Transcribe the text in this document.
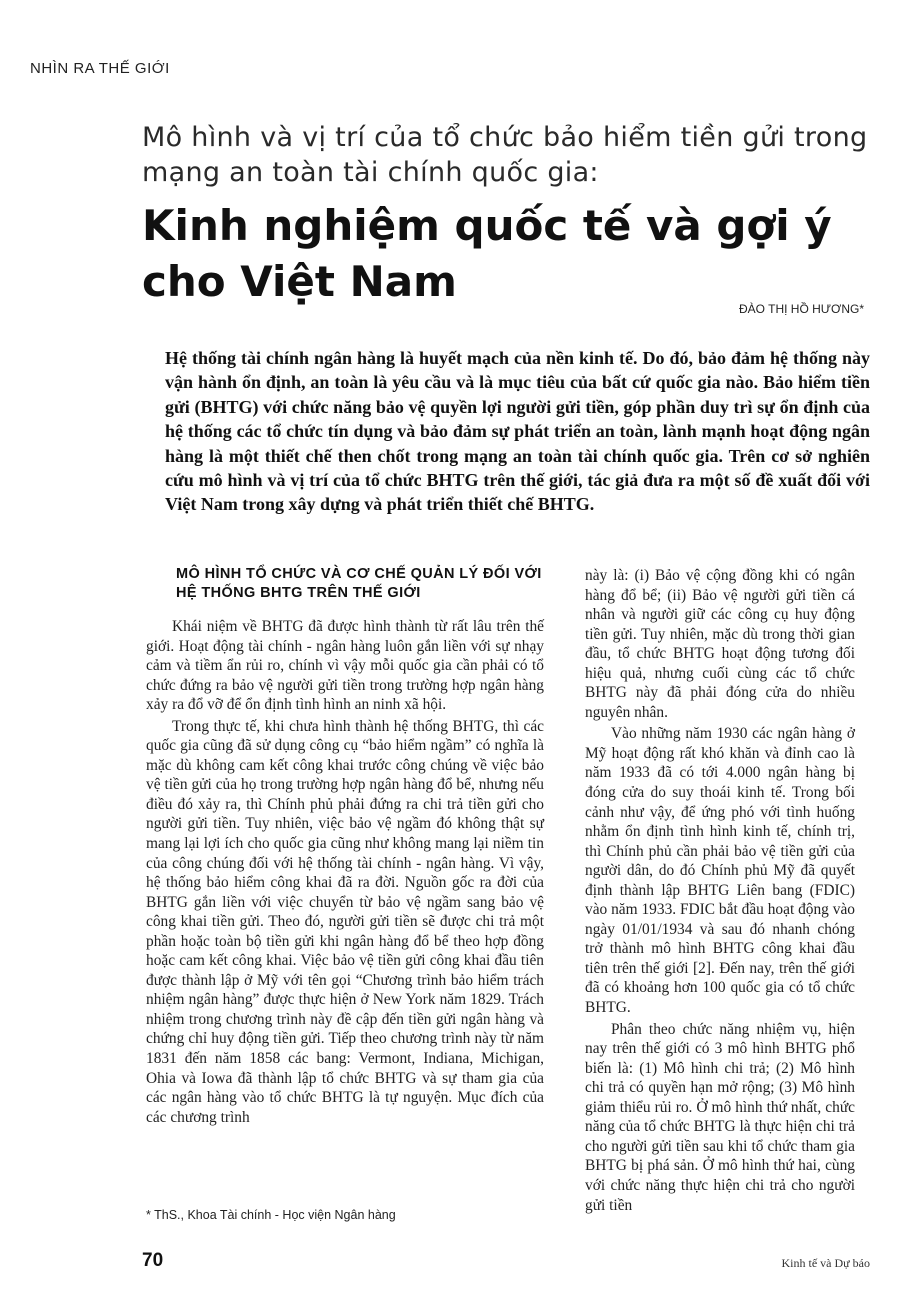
NHÌN RA THẾ GIỚI
Mô hình và vị trí của tổ chức bảo hiểm tiền gửi trong mạng an toàn tài chính quốc gia:
Kinh nghiệm quốc tế và gợi ý cho Việt Nam
ĐÀO THỊ HỒ HƯƠNG*
Hệ thống tài chính ngân hàng là huyết mạch của nền kinh tế. Do đó, bảo đảm hệ thống này vận hành ổn định, an toàn là yêu cầu và là mục tiêu của bất cứ quốc gia nào. Bảo hiểm tiền gửi (BHTG) với chức năng bảo vệ quyền lợi người gửi tiền, góp phần duy trì sự ổn định của hệ thống các tổ chức tín dụng và bảo đảm sự phát triển an toàn, lành mạnh hoạt động ngân hàng là một thiết chế then chốt trong mạng an toàn tài chính quốc gia. Trên cơ sở nghiên cứu mô hình và vị trí của tổ chức BHTG trên thế giới, tác giả đưa ra một số đề xuất đối với Việt Nam trong xây dựng và phát triển thiết chế BHTG.
MÔ HÌNH TỔ CHỨC VÀ CƠ CHẾ QUẢN LÝ ĐỐI VỚI HỆ THỐNG BHTG TRÊN THẾ GIỚI

Khái niệm về BHTG đã được hình thành từ rất lâu trên thế giới. Hoạt động tài chính - ngân hàng luôn gắn liền với sự nhạy cảm và tiềm ẩn rủi ro, chính vì vậy mỗi quốc gia cần phải có tổ chức đứng ra bảo vệ người gửi tiền trong trường hợp ngân hàng xảy ra đổ vỡ để ổn định tình hình an ninh xã hội.

Trong thực tế, khi chưa hình thành hệ thống BHTG, thì các quốc gia cũng đã sử dụng công cụ “bảo hiểm ngầm” có nghĩa là mặc dù không cam kết công khai trước công chúng về việc bảo vệ tiền gửi của họ trong trường hợp ngân hàng đổ bể, nhưng nếu điều đó xảy ra, thì Chính phủ phải đứng ra chi trả tiền gửi cho người gửi tiền. Tuy nhiên, việc bảo vệ ngầm đó không thật sự mang lại lợi ích cho quốc gia cũng như không mang lại niềm tin của công chúng đối với hệ thống tài chính - ngân hàng. Vì vậy, hệ thống bảo hiểm công khai đã ra đời. Nguồn gốc ra đời của BHTG gắn liền với việc chuyển từ bảo vệ ngầm sang bảo vệ công khai tiền gửi. Theo đó, người gửi tiền sẽ được chi trả một phần hoặc toàn bộ tiền gửi khi ngân hàng đổ bể theo hợp đồng hoặc cam kết công khai. Việc bảo vệ tiền gửi công khai đầu tiên được thành lập ở Mỹ với tên gọi “Chương trình bảo hiểm trách nhiệm ngân hàng” được thực hiện ở New York năm 1829. Trách nhiệm trong chương trình này đề cập đến tiền gửi ngân hàng và chứng chỉ huy động tiền gửi. Tiếp theo chương trình này từ năm 1831 đến năm 1858 các bang: Vermont, Indiana, Michigan, Ohia và Iowa đã thành lập tổ chức BHTG và sự tham gia của các ngân hàng vào tổ chức BHTG là tự nguyện. Mục đích của các chương trình

này là: (i) Bảo vệ cộng đồng khi có ngân hàng đổ bể; (ii) Bảo vệ người gửi tiền cá nhân và người giữ các công cụ huy động tiền gửi. Tuy nhiên, mặc dù trong thời gian đầu, tổ chức BHTG hoạt động tương đối hiệu quả, nhưng cuối cùng các tổ chức BHTG này đã phải đóng cửa do nhiều nguyên nhân.

Vào những năm 1930 các ngân hàng ở Mỹ hoạt động rất khó khăn và đỉnh cao là năm 1933 đã có tới 4.000 ngân hàng bị đóng cửa do suy thoái kinh tế. Trong bối cảnh như vậy, để ứng phó với tình huống nhằm ổn định tình hình kinh tế, chính trị, thì Chính phủ cần phải bảo vệ tiền gửi của người dân, do đó Chính phủ Mỹ đã quyết định thành lập BHTG Liên bang (FDIC) vào năm 1933. FDIC bắt đầu hoạt động vào ngày 01/01/1934 và sau đó nhanh chóng trở thành mô hình BHTG công khai đầu tiên trên thế giới [2]. Đến nay, trên thế giới đã có khoảng hơn 100 quốc gia có tổ chức BHTG.

Phân theo chức năng nhiệm vụ, hiện nay trên thế giới có 3 mô hình BHTG phổ biến là: (1) Mô hình chi trả; (2) Mô hình chi trả có quyền hạn mở rộng; (3) Mô hình giảm thiểu rủi ro. Ở mô hình thứ nhất, chức năng của tổ chức BHTG là thực hiện chi trả cho người gửi tiền sau khi tổ chức tham gia BHTG bị phá sản. Ở mô hình thứ hai, cùng với chức năng thực hiện chi trả cho người gửi tiền

* ThS., Khoa Tài chính - Học viện Ngân hàng
70	Kinh tế và Dự báo
